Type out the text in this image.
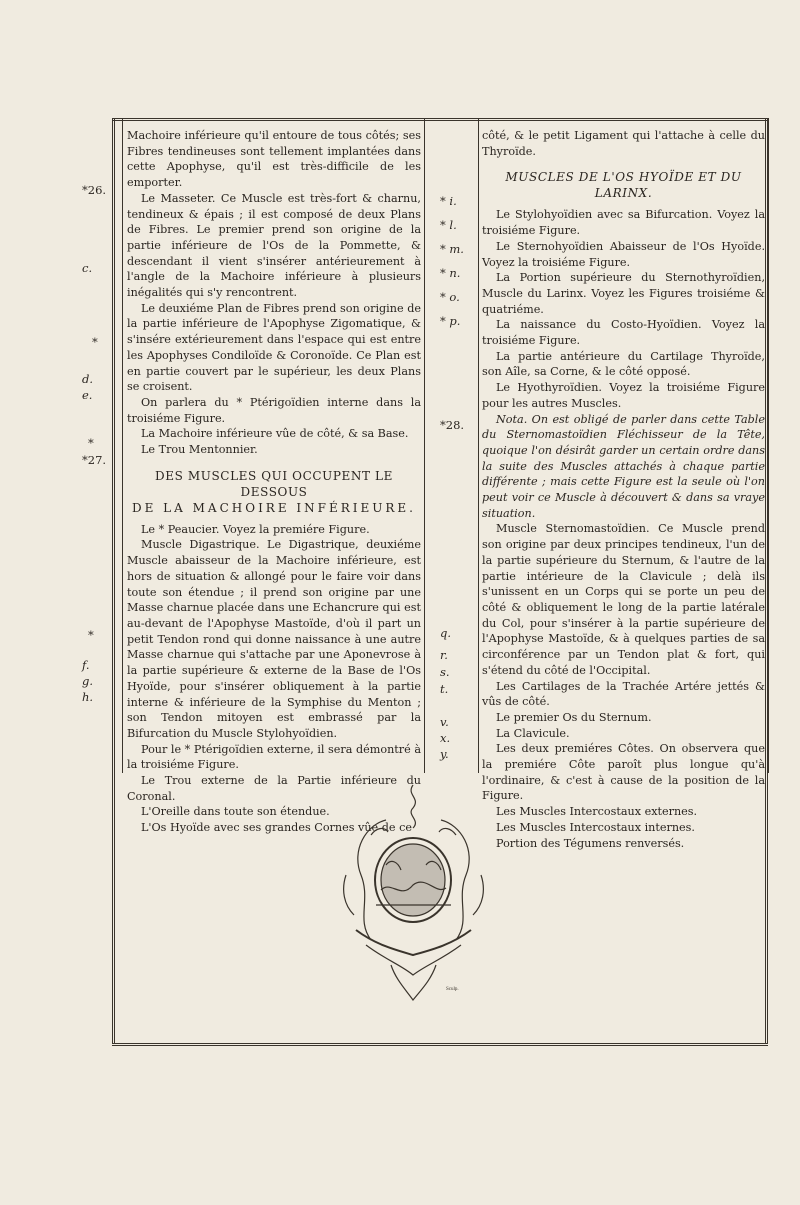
*26.
c.
*
d.
e.
*
*27.
*
f.
g.
h.
* i.
* l.
* m.
* n.
* o.
* p.
*28.
q.
r.
s.
t.
v.
x.
y.

Machoire inférieure qu'il entoure de tous côtés; ses Fibres tendineuses sont tellement implantées dans cette Apophyse, qu'il est très-difficile de les emporter.

Le Masseter. Ce Muscle est très-fort & charnu, tendineux & épais ; il est composé de deux Plans de Fibres. Le premier prend son origine de la partie inférieure de l'Os de la Pommette, & descendant il vient s'insérer antérieurement à l'angle de la Machoire inférieure à plusieurs inégalités qui s'y rencontrent.

Le deuxiéme Plan de Fibres prend son origine de la partie inférieure de l'Apophyse Zigomatique, & s'insére extérieurement dans l'espace qui est entre les Apophyses Condiloïde & Coronoïde. Ce Plan est en partie couvert par le supérieur, les deux Plans se croisent.

On parlera du * Ptérigoïdien interne dans la troisiéme Figure.

La Machoire inférieure vûe de côté, & sa Base.

Le Trou Mentonnier.

DES MUSCLES QUI OCCUPENT LE DESSOUS
DE LA MACHOIRE INFÉRIEURE.

Le * Peaucier. Voyez la premiére Figure.

Muscle Digastrique. Le Digastrique, deuxiéme Muscle abaisseur de la Machoire inférieure, est hors de situation & allongé pour le faire voir dans toute son étendue ; il prend son origine par une Masse charnue placée dans une Echancrure qui est au-devant de l'Apophyse Mastoïde, d'où il part un petit Tendon rond qui donne naissance à une autre Masse charnue qui s'attache par une Aponevrose à la partie supérieure & externe de la Base de l'Os Hyoïde, pour s'insérer obliquement à la partie interne & inférieure de la Symphise du Menton ; son Tendon mitoyen est embrassé par la Bifurcation du Muscle Stylohyoïdien.

Pour le * Ptérigoïdien externe, il sera démontré à la troisiéme Figure.

Le Trou externe de la Partie inférieure du Coronal.

L'Oreille dans toute son étendue.

L'Os Hyoïde avec ses grandes Cornes vûe de ce

côté, & le petit Ligament qui l'attache à celle du Thyroïde.

MUSCLES DE L'OS HYOÏDE ET DU LARINX.

Le Stylohyoïdien avec sa Bifurcation. Voyez la troisiéme Figure.

Le Sternohyoïdien Abaisseur de l'Os Hyoïde. Voyez la troisiéme Figure.

La Portion supérieure du Sternothyroïdien, Muscle du Larinx. Voyez les Figures troisiéme & quatriéme.

La naissance du Costo-Hyoïdien. Voyez la troisiéme Figure.

La partie antérieure du Cartilage Thyroïde, son Aîle, sa Corne, & le côté opposé.

Le Hyothyroïdien. Voyez la troisiéme Figure pour les autres Muscles.

Nota. On est obligé de parler dans cette Table du Sternomastoïdien Fléchisseur de la Tête, quoique l'on désirât garder un certain ordre dans la suite des Muscles attachés à chaque partie différente ; mais cette Figure est la seule où l'on peut voir ce Muscle à découvert & dans sa vraye situation.

Muscle Sternomastoïdien. Ce Muscle prend son origine par deux principes tendineux, l'un de la partie supérieure du Sternum, & l'autre de la partie intérieure de la Clavicule ; delà ils s'unissent en un Corps qui se porte un peu de côté & obliquement le long de la partie latérale du Col, pour s'insérer à la partie supérieure de l'Apophyse Mastoïde, & à quelques parties de sa circonférence par un Tendon plat & fort, qui s'étend du côté de l'Occipital.

Les Cartilages de la Trachée Artére jettés & vûs de côté.

Le premier Os du Sternum.

La Clavicule.

Les deux premiéres Côtes. On observera que la premiére Côte paroît plus longue qu'à l'ordinaire, & c'est à cause de la position de la Figure.

Les Muscles Intercostaux externes.

Les Muscles Intercostaux internes.

Portion des Tégumens renversés.

Sculp.
